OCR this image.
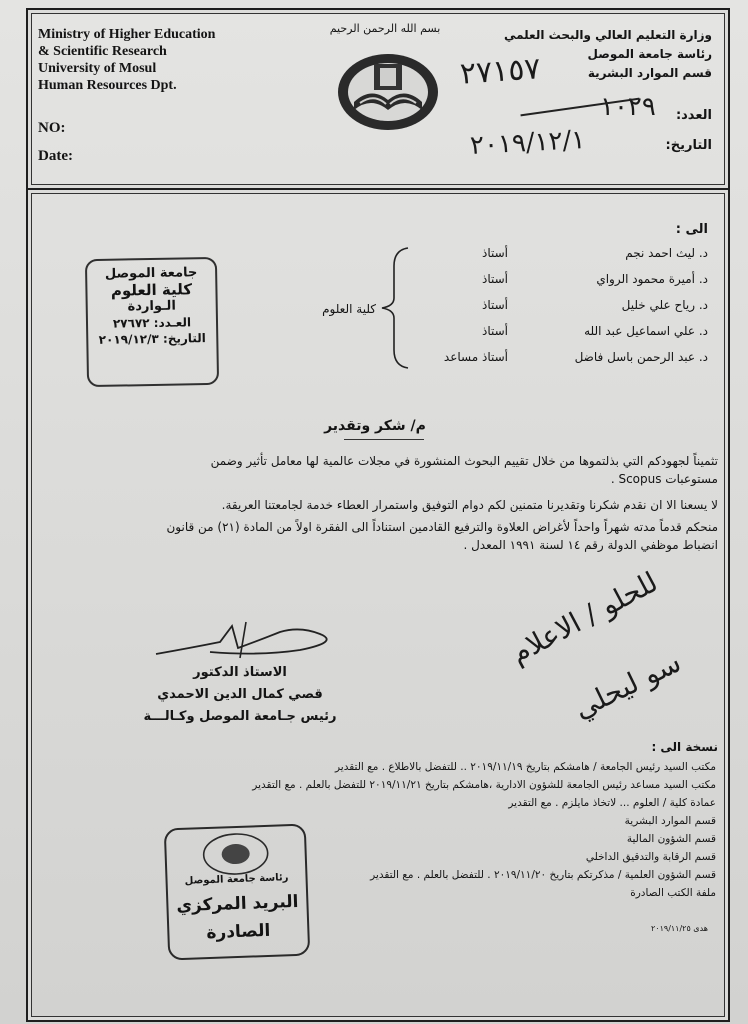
Ministry of Higher Education
& Scientific Research
University of Mosul
Human Resources Dpt.
NO:
Date:
وزارة التعليم العالي والبحث العلمي
رئاسة جامعة الموصل
قسم الموارد البشرية
العدد:
التاريخ:
بسم الله الرحمن الرحيم
٢٧١٥٧
١٠٢٩
٢٠١٩/١٢/١
الى :
د. ليث احمد نجم
د. أميرة محمود الرواي
د. رياح علي خليل
د. علي اسماعيل عبد الله
د. عبد الرحمن باسل فاضل
أستاذ
أستاذ
أستاذ
أستاذ
أستاذ مساعد
كلية العلوم
جامعة الموصل
كلية العلوم
الـواردة
العـدد: ٢٧٦٧٢
التاريخ: ٢٠١٩/١٢/٣
م/ شكر وتقدير
تثميناً لجهودكم التي بذلتموها من خلال تقييم البحوث المنشورة في مجلات عالمية لها معامل تأثير وضمن
مستوعبات Scopus .
لا يسعنا الا ان نقدم شكرنا وتقديرنا متمنين لكم دوام التوفيق واستمرار العطاء خدمة لجامعتنا العريقة.
منحكم قدماً مدته شهراً واحداً لأغراض العلاوة والترفيع القادمين استناداً الى الفقرة اولاً من المادة (٢١) من قانون
انضباط موظفي الدولة رقم ١٤ لسنة ١٩٩١ المعدل .
الاستاذ الدكتور
قصي كمال الدين الاحمدي
رئيس جـامعة الموصل وكـالـــة
للحلو / الاعلام
سو ليحلي
نسخة الى :
مكتب السيد رئيس الجامعة / هامشكم بتاريخ ٢٠١٩/١١/١٩ .. للتفضل بالاطلاع . مع التقدير
مكتب السيد مساعد رئيس الجامعة للشؤون الادارية ،هامشكم بتاريخ ٢٠١٩/١١/٢١ للتفضل بالعلم . مع التقدير
عمادة كلية / العلوم ... لاتخاذ مايلزم . مع التقدير
قسم الموارد البشرية
قسم الشؤون المالية
قسم الرقابة والتدقيق الداخلي
قسم الشؤون العلمية / مذكرتكم بتاريخ ٢٠١٩/١١/٢٠ . للتفضل بالعلم . مع التقدير
ملفة الكتب الصادرة
رئاسة جامعة الموصل
البريد المركزي
الصادرة	هدى ٢٠١٩/١١/٢٥
